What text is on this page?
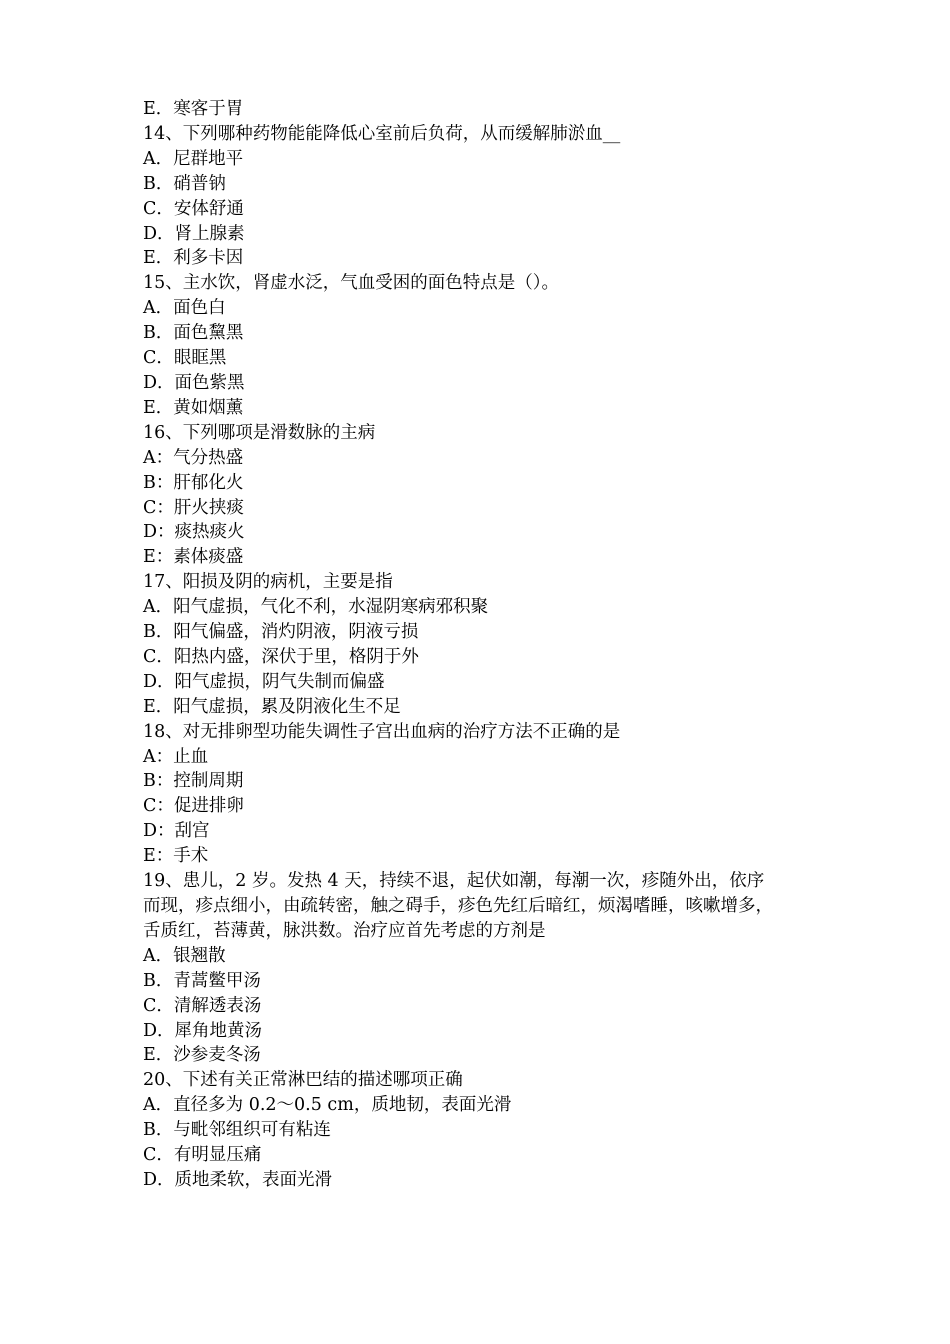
E．寒客于胃
14、下列哪种药物能能降低心室前后负荷，从而缓解肺淤血__
A．尼群地平
B．硝普钠
C．安体舒通
D．肾上腺素
E．利多卡因
15、主水饮，肾虚水泛，气血受困的面色特点是（）。
A．面色白
B．面色黧黑
C．眼眶黑
D．面色紫黑
E．黄如烟薰
16、下列哪项是滑数脉的主病
A：气分热盛
B：肝郁化火
C：肝火挟痰
D：痰热痰火
E：素体痰盛
17、阳损及阴的病机，主要是指
A．阳气虚损，气化不利，水湿阴寒病邪积聚
B．阳气偏盛，消灼阴液，阴液亏损
C．阳热内盛，深伏于里，格阴于外
D．阳气虚损，阴气失制而偏盛
E．阳气虚损，累及阴液化生不足
18、对无排卵型功能失调性子宫出血病的治疗方法不正确的是
A：止血
B：控制周期
C：促进排卵
D：刮宫
E：手术
19、患儿，2 岁。发热 4 天，持续不退，起伏如潮，每潮一次，疹随外出，依序
而现，疹点细小，由疏转密，触之碍手，疹色先红后暗红，烦渴嗜睡，咳嗽增多，
舌质红，苔薄黄，脉洪数。治疗应首先考虑的方剂是
A．银翘散
B．青蒿鳖甲汤
C．清解透表汤
D．犀角地黄汤
E．沙参麦冬汤
20、下述有关正常淋巴结的描述哪项正确
A．直径多为 0.2～0.5 cm，质地韧，表面光滑
B．与毗邻组织可有粘连
C．有明显压痛
D．质地柔软，表面光滑
